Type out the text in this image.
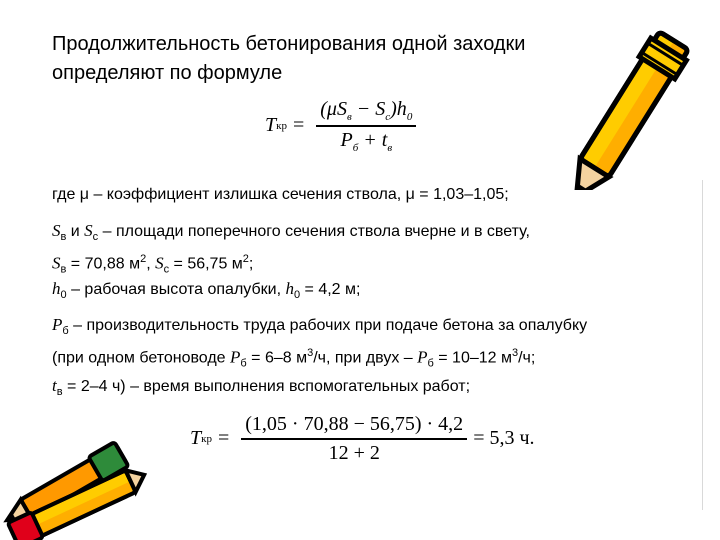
Продолжительность бетонирования одной заходки
определяют по формуле
T кр = $\frac{(\mu S_в - S_с)h_0}{P_б + t_в}$
где μ – коэффициент излишка сечения ствола, μ = 1,03–1,05;
$S_в$ и $S_с$ – площади поперечного сечения ствола вчерне и в свету,
$S_в = 70,88$ $м^2$, $S_с = 56,75$ $м^2$;
$h_0$ – рабочая высота опалубки, $h_0 = 4,2$ м;
$P_б$ – производительность труда рабочих при подаче бетона за опалубку
(при одном бетоноводе $P_б = 6-8$ $м^3/ч$, при двух – $P_б = 10-12$ $м^3/ч$;
$t_в = 2-4$ ч) – время выполнения вспомогательных работ;
T кр = $\frac{(1,05 \cdot 70,88 - 56,75) \cdot 4,2}{12 + 2} = 5,3$ ч.
